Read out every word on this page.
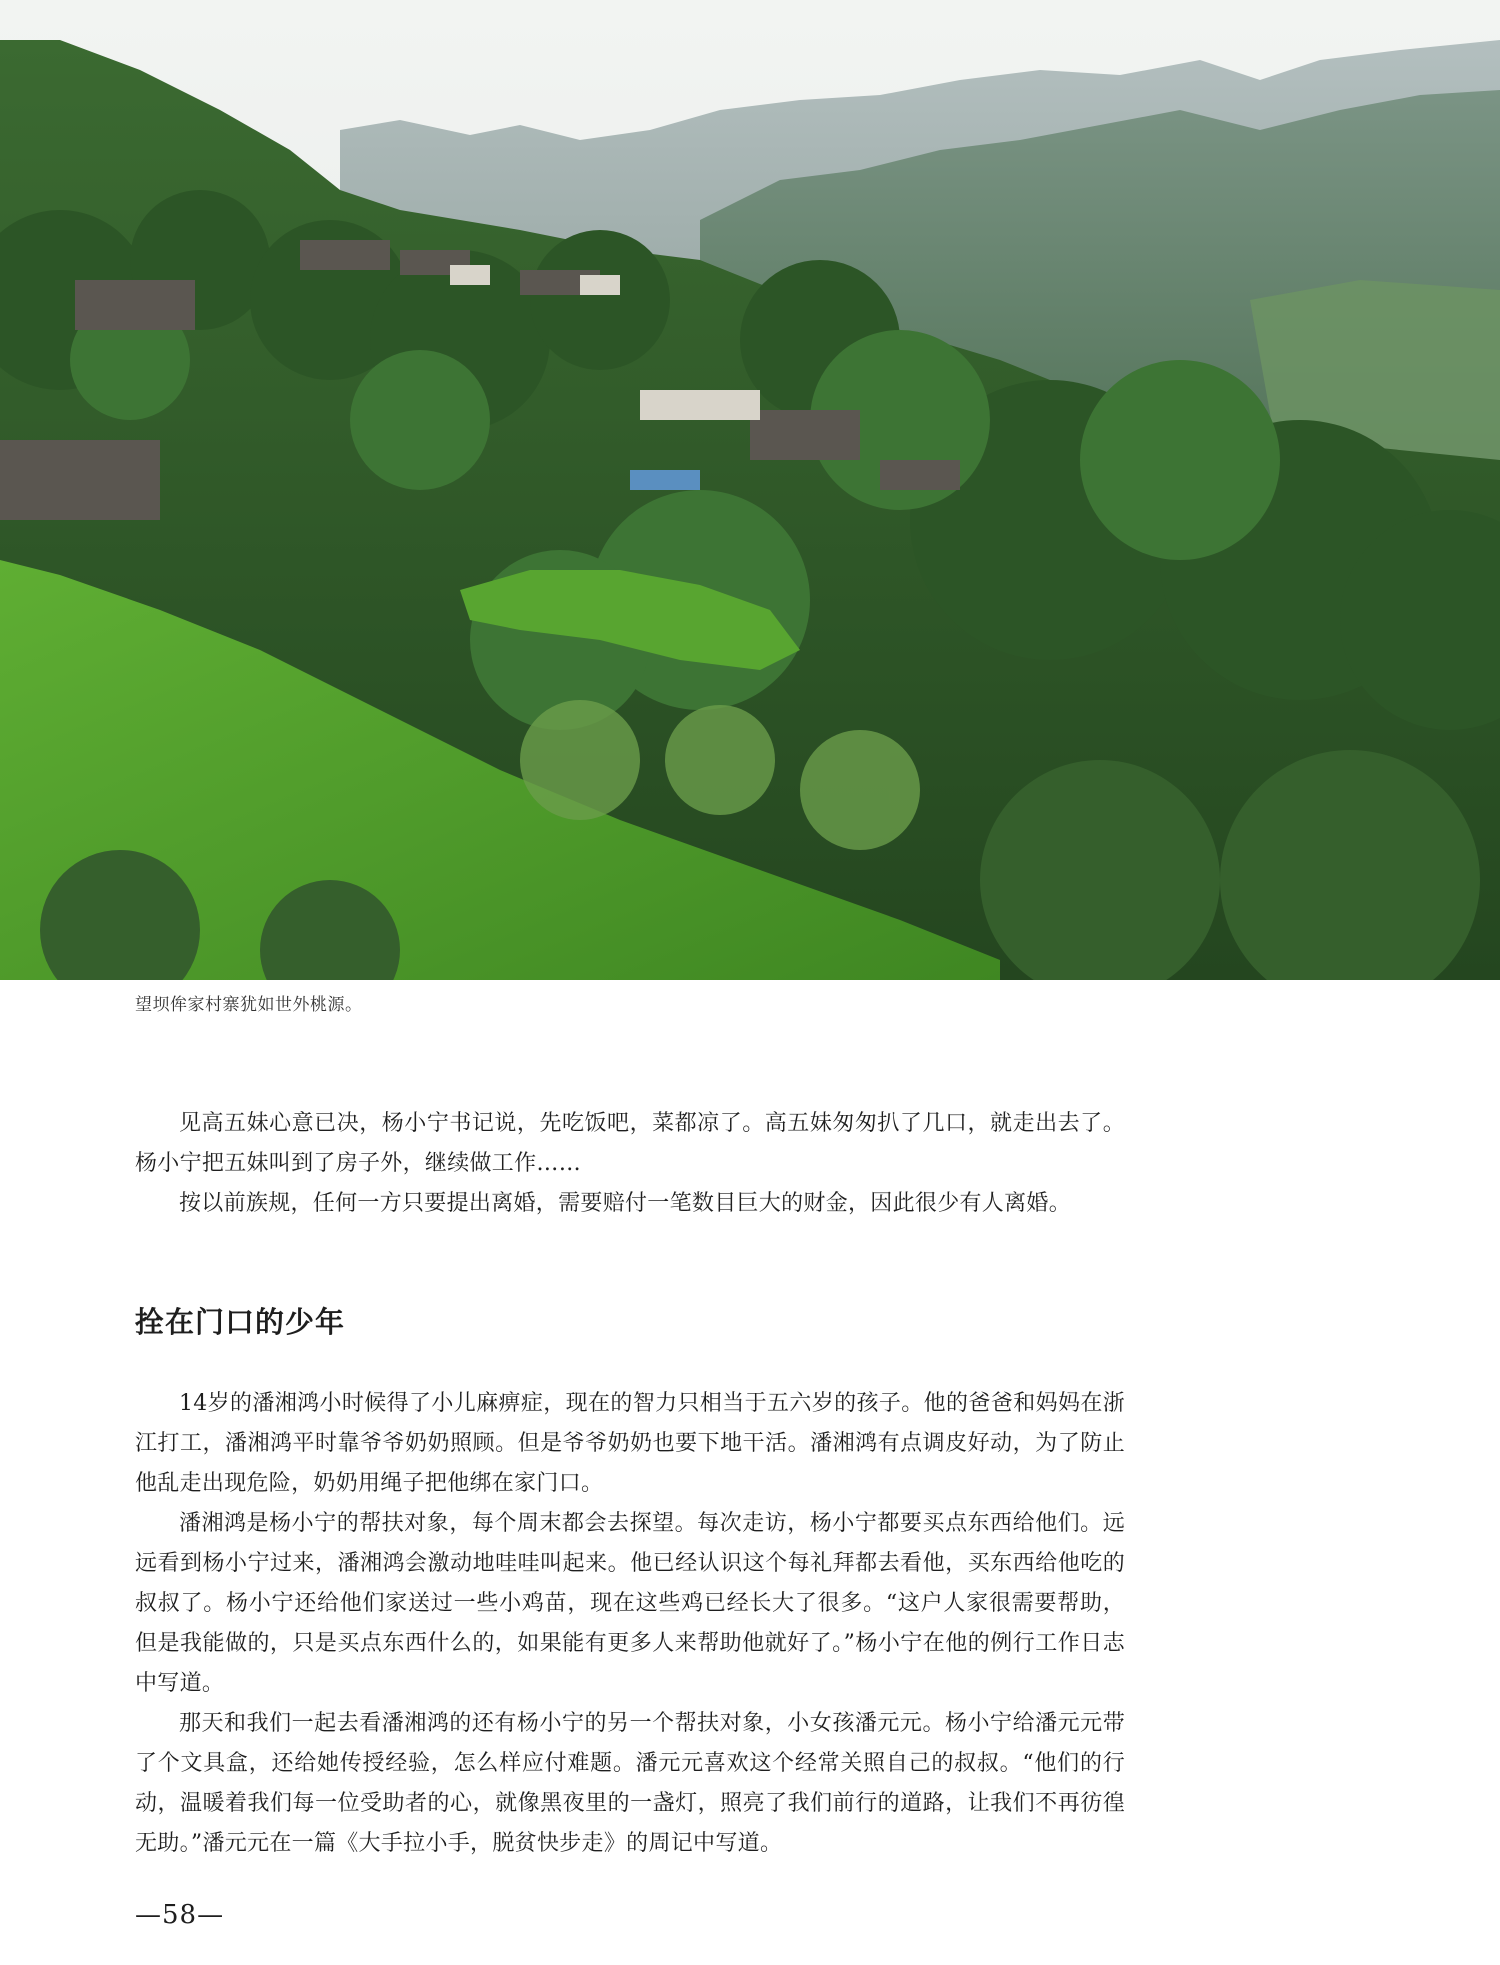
望坝侔家村寨犹如世外桃源。

见高五妹心意已决，杨小宁书记说，先吃饭吧，菜都凉了。高五妹匆匆扒了几口，就走出去了。杨小宁把五妹叫到了房子外，继续做工作……

按以前族规，任何一方只要提出离婚，需要赔付一笔数目巨大的财金，因此很少有人离婚。

拴在门口的少年

14岁的潘湘鸿小时候得了小儿麻痹症，现在的智力只相当于五六岁的孩子。他的爸爸和妈妈在浙江打工，潘湘鸿平时靠爷爷奶奶照顾。但是爷爷奶奶也要下地干活。潘湘鸿有点调皮好动，为了防止他乱走出现危险，奶奶用绳子把他绑在家门口。

潘湘鸿是杨小宁的帮扶对象，每个周末都会去探望。每次走访，杨小宁都要买点东西给他们。远远看到杨小宁过来，潘湘鸿会激动地哇哇叫起来。他已经认识这个每礼拜都去看他，买东西给他吃的叔叔了。杨小宁还给他们家送过一些小鸡苗，现在这些鸡已经长大了很多。“这户人家很需要帮助，但是我能做的，只是买点东西什么的，如果能有更多人来帮助他就好了。”杨小宁在他的例行工作日志中写道。

那天和我们一起去看潘湘鸿的还有杨小宁的另一个帮扶对象，小女孩潘元元。杨小宁给潘元元带了个文具盒，还给她传授经验，怎么样应付难题。潘元元喜欢这个经常关照自己的叔叔。“他们的行动，温暖着我们每一位受助者的心，就像黑夜里的一盏灯，照亮了我们前行的道路，让我们不再彷徨无助。”潘元元在一篇《大手拉小手，脱贫快步走》的周记中写道。

—58—
